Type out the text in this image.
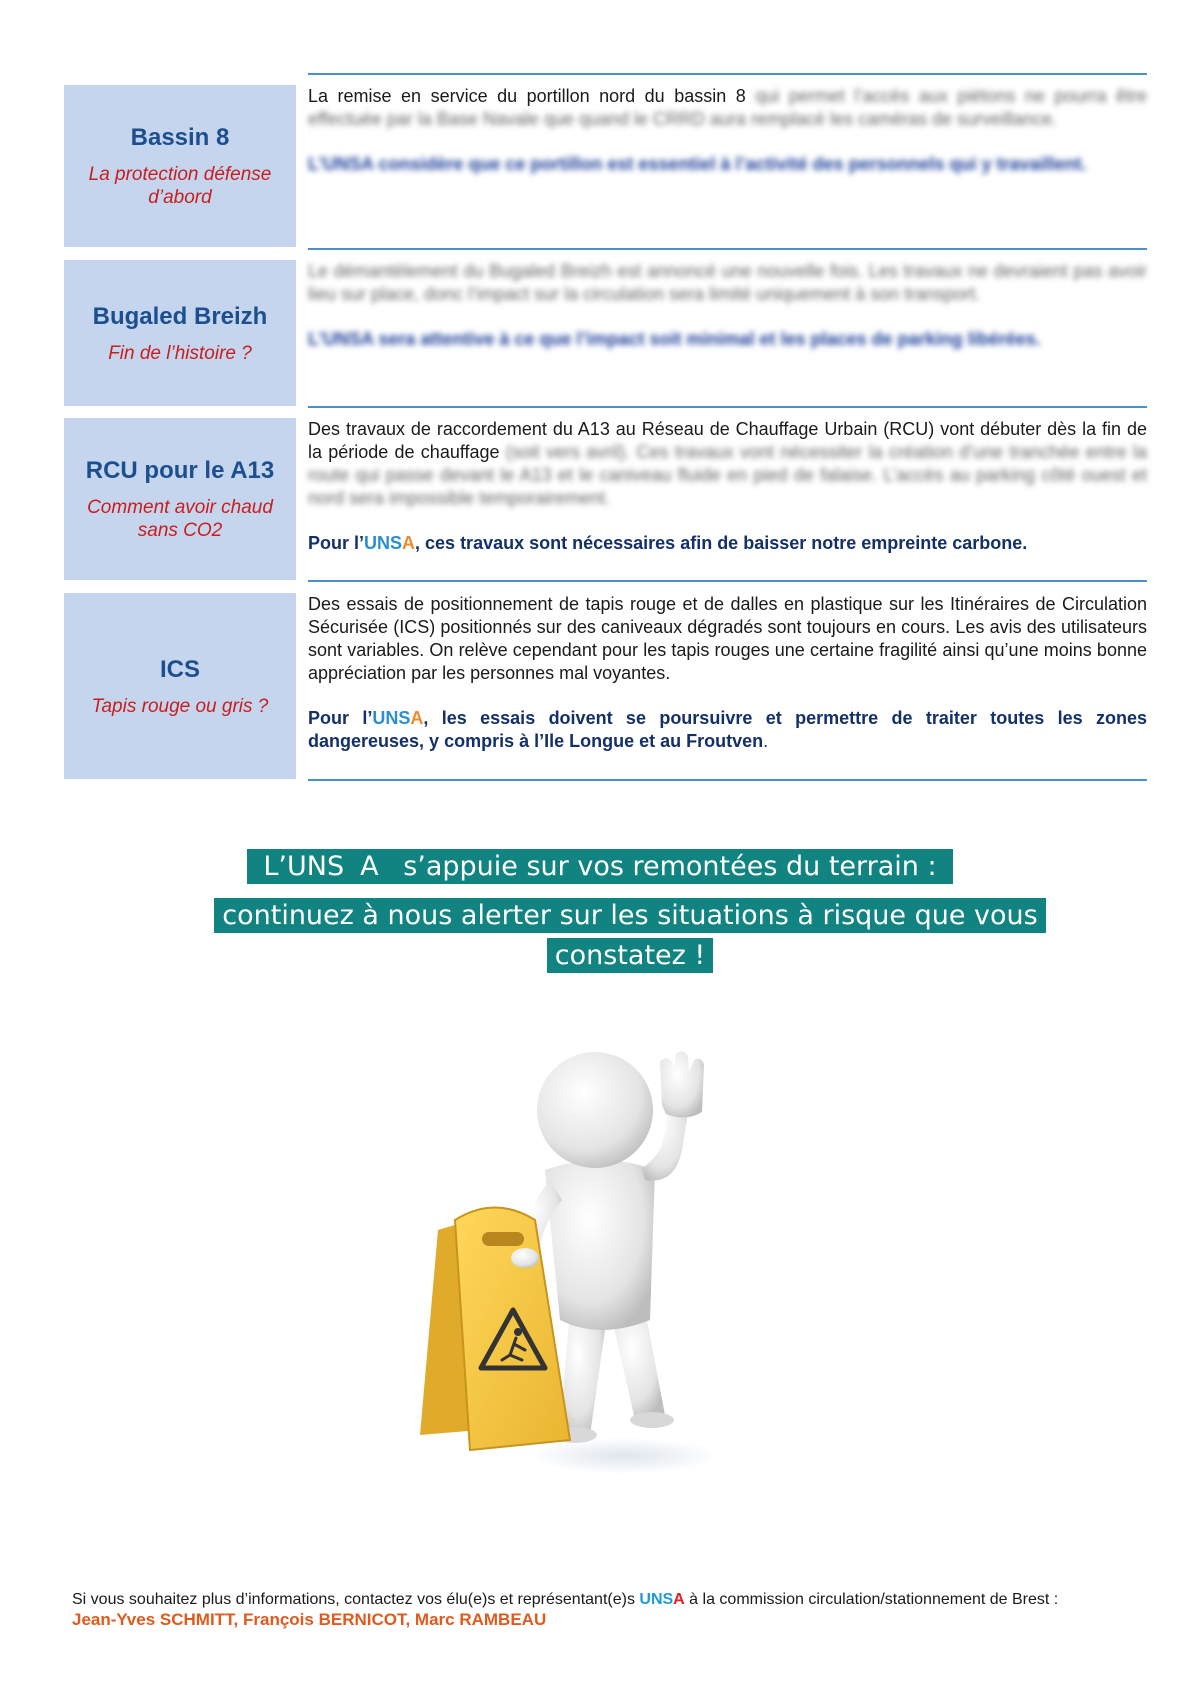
Bassin 8
La protection défense d’abord

La remise en service du portillon nord du bassin 8 qui permet l’accès aux piétons ne pourra être effectuée par la Base Navale que quand le CRRD aura remplacé les caméras de surveillance.

L’UNSA considère que ce portillon est essentiel à l’activité des personnels qui y travaillent.

Bugaled Breizh
Fin de l’histoire ?

Le démantèlement du Bugaled Breizh est annoncé une nouvelle fois. Les travaux ne devraient pas avoir lieu sur place, donc l’impact sur la circulation sera limité uniquement à son transport.

L’UNSA sera attentive à ce que l’impact soit minimal et les places de parking libérées.

RCU pour le A13
Comment avoir chaud sans CO2

Des travaux de raccordement du A13 au Réseau de Chauffage Urbain (RCU) vont débuter dès la fin de la période de chauffage (soit vers avril). Ces travaux vont nécessiter la création d’une tranchée entre la route qui passe devant le A13 et le caniveau fluide en pied de falaise. L’accès au parking côté ouest et nord sera impossible temporairement.

Pour l’UNSA, ces travaux sont nécessaires afin de baisser notre empreinte carbone.

ICS
Tapis rouge ou gris ?

Des essais de positionnement de tapis rouge et de dalles en plastique sur les Itinéraires de Circulation Sécurisée (ICS) positionnés sur des caniveaux dégradés sont toujours en cours. Les avis des utilisateurs sont variables. On relève cependant pour les tapis rouges une certaine fragilité ainsi qu’une moins bonne appréciation par les personnes mal voyantes.

Pour l’UNSA, les essais doivent se poursuivre et permettre de traiter toutes les zones dangereuses, y compris à l’Ile Longue et au Froutven.

L’UNS A s’appuie sur vos remontées du terrain :
continuez à nous alerter sur les situations à risque que vous constatez !
Si vous souhaitez plus d’informations, contactez vos élu(e)s et représentant(e)s UNSA à la commission circulation/stationnement de Brest :
Jean-Yves SCHMITT, François BERNICOT, Marc RAMBEAU
